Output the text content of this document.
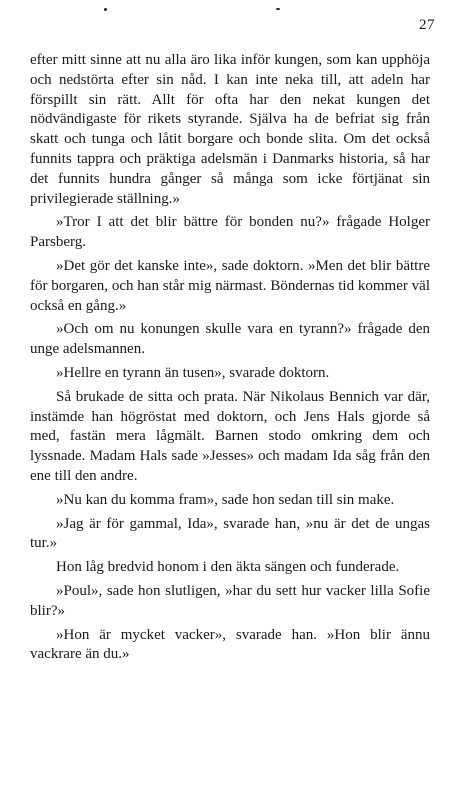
27

efter mitt sinne att nu alla äro lika inför kungen, som kan upphöja och nedstörta efter sin nåd. I kan inte neka till, att adeln har förspillt sin rätt. Allt för ofta har den nekat kungen det nödvändigaste för rikets styrande. Själva ha de befriat sig från skatt och tunga och låtit borgare och bonde slita. Om det också funnits tappra och präktiga adelsmän i Danmarks historia, så har det funnits hundra gånger så många som icke förtjänat sin privilegierade ställning.»

»Tror I att det blir bättre för bonden nu?» frågade Holger Parsberg.

»Det gör det kanske inte», sade doktorn. »Men det blir bättre för borgaren, och han står mig närmast. Böndernas tid kommer väl också en gång.»

»Och om nu konungen skulle vara en tyrann?» frågade den unge adelsmannen.

»Hellre en tyrann än tusen», svarade doktorn.

Så brukade de sitta och prata. När Nikolaus Bennich var där, instämde han högröstat med doktorn, och Jens Hals gjorde så med, fastän mera lågmält. Barnen stodo omkring dem och lyssnade. Madam Hals sade »Jesses» och madam Ida såg från den ene till den andre.

»Nu kan du komma fram», sade hon sedan till sin make.

»Jag är för gammal, Ida», svarade han, »nu är det de ungas tur.»

Hon låg bredvid honom i den äkta sängen och funderade.

»Poul», sade hon slutligen, »har du sett hur vacker lilla Sofie blir?»

»Hon är mycket vacker», svarade han. »Hon blir ännu vackrare än du.»
